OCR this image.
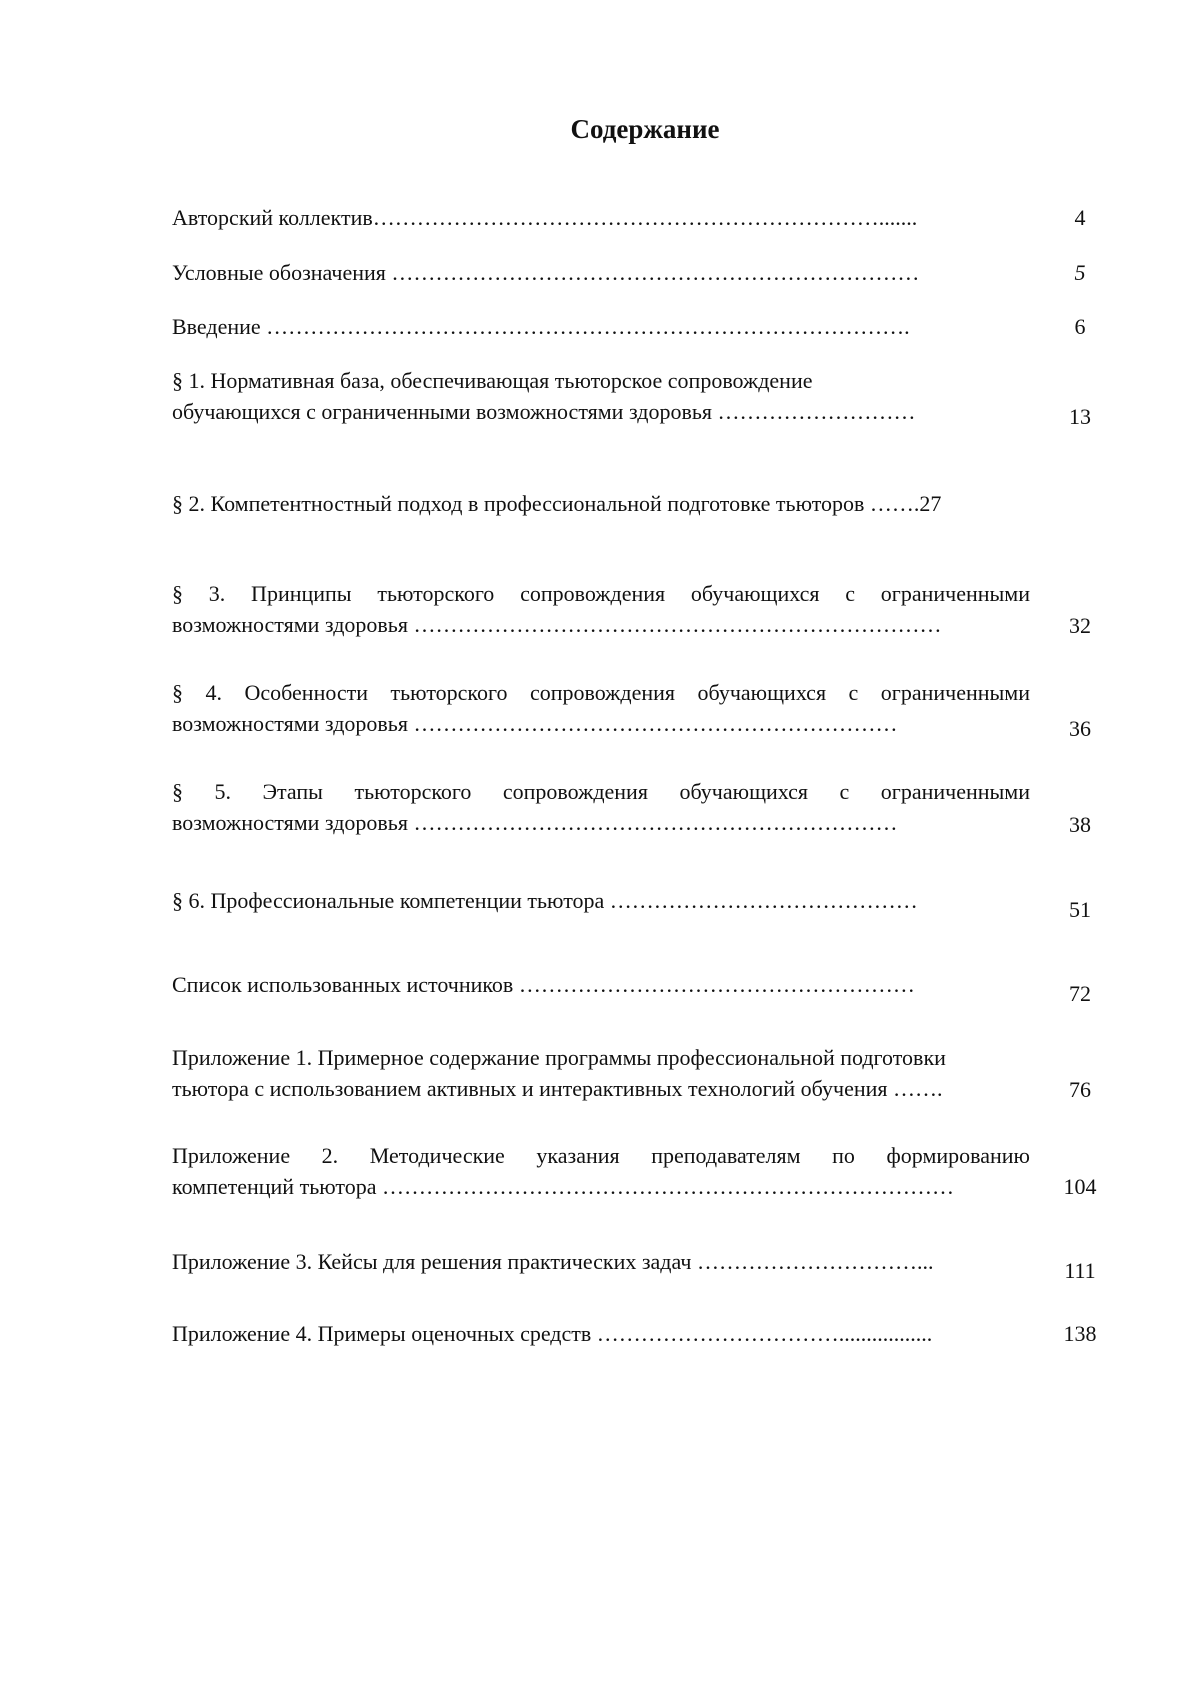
Содержание
Авторский коллектив…………………………………………………………….......	4
Условные обозначения ………………………………………………………………	5
Введение …………………………………………………………………………….	6
§ 1. Нормативная база, обеспечивающая тьюторское сопровождение
обучающихся с ограниченными возможностями здоровья ………………………	13
§ 2. Компетентностный подход в профессиональной подготовке тьюторов …….27
§ 3. Принципы тьюторского сопровождения обучающихся с ограниченными
возможностями здоровья ………………………………………………………………	32
§ 4. Особенности тьюторского сопровождения обучающихся с ограниченными
возможностями здоровья …………………………………………………………	36
§ 5. Этапы тьюторского сопровождения обучающихся с ограниченными
возможностями здоровья …………………………………………………………	38
§ 6. Профессиональные компетенции тьютора ……………………………………	51
Список использованных источников ………………………………………………	72
Приложение 1. Примерное содержание программы профессиональной подготовки
тьютора с использованием активных и интерактивных технологий обучения …….	76
Приложение 2. Методические указания преподавателям по формированию
компетенций тьютора ……………………………………………………………………	104
Приложение 3. Кейсы для решения практических задач …………………………...	111
Приложение 4. Примеры оценочных средств …………………………….................	138
